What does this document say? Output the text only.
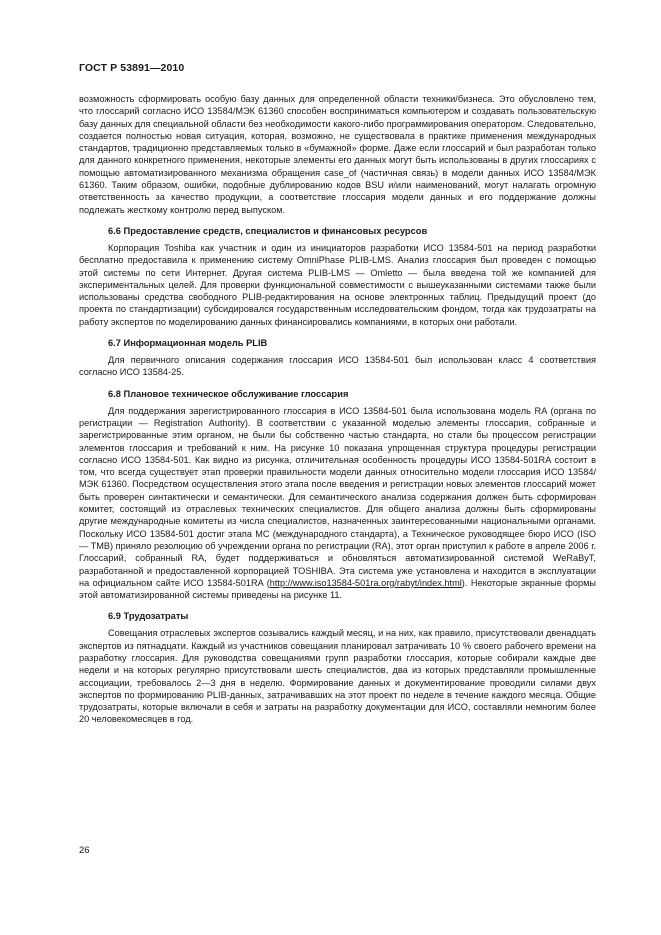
ГОСТ Р 53891—2010

возможность сформировать особую базу данных для определенной области техники/бизнеса. Это обусловлено тем, что глоссарий согласно ИСО 13584/МЭК 61360 способен восприниматься компьютером и создавать пользовательскую базу данных для специальной области без необходимости какого-либо программирования оператором. Следовательно, создается полностью новая ситуация, которая, возможно, не существовала в практике применения международных стандартов, традиционно представляемых только в «бумажной» форме. Даже если глоссарий и был разработан только для данного конкретного применения, некоторые элементы его данных могут быть использованы в других глоссариях с помощью автоматизированного механизма обращения case_of (частичная связь) в модели данных ИСО 13584/МЭК 61360. Таким образом, ошибки, подобные дублированию кодов BSU и/или наименований, могут налагать огромную ответственность за качество продукции, а соответствие глоссария модели данных и его поддержание должны подлежать жесткому контролю перед выпуском.

6.6 Предоставление средств, специалистов и финансовых ресурсов

Корпорация Toshiba как участник и один из инициаторов разработки ИСО 13584-501 на период разработки бесплатно предоставила к применению систему OmniPhase PLIB-LMS. Анализ глоссария был проведен с помощью этой системы по сети Интернет. Другая система PLIB-LMS — Omletto — была введена той же компанией для экспериментальных целей. Для проверки функциональной совместимости с вышеуказанными системами также были использованы средства свободного PLIB-редактирования на основе электронных таблиц. Предыдущий проект (до проекта по стандартизации) субсидировался государственным исследовательским фондом, тогда как трудозатраты на работу экспертов по моделированию данных финансировались компаниями, в которых они работали.

6.7 Информационная модель PLIB

Для первичного описания содержания глоссария ИСО 13584-501 был использован класс 4 соответствия согласно ИСО 13584-25.

6.8 Плановое техническое обслуживание глоссария

Для поддержания зарегистрированного глоссария в ИСО 13584-501 была использована модель RA (органа по регистрации — Registration Authority). В соответствии с указанной моделью элементы глоссария, собранные и зарегистрированные этим органом, не были бы собственно частью стандарта, но стали бы процессом регистрации элементов глоссария и требований к ним. На рисунке 10 показана упрощенная структура процедуры регистрации согласно ИСО 13584-501. Как видно из рисунка, отличительная особенность процедуры ИСО 13584-501RA состоит в том, что всегда существует этап проверки правильности модели данных относительно модели глоссария ИСО 13584/МЭК 61360. Посредством осуществления этого этапа после введения и регистрации новых элементов глоссарий может быть проверен синтактически и семантически. Для семантического анализа содержания должен быть сформирован комитет, состоящий из отраслевых технических специалистов. Для общего анализа должны быть сформированы другие международные комитеты из числа специалистов, назначенных заинтересованными национальными органами. Поскольку ИСО 13584-501 достиг этапа МС (международного стандарта), а Техническое руководящее бюро ИСО (ISO — TMB) приняло резолюцию об учреждении органа по регистрации (RA), этот орган приступил к работе в апреле 2006 г. Глоссарий, собранный RA, будет поддерживаться и обновляться автоматизированной системой WeRaByT, разработанной и предоставленной корпорацией TOSHIBA. Эта система уже установлена и находится в эксплуатации на официальном сайте ИСО 13584-501RA (http://www.iso13584-501ra.org/rabyt/index.html). Некоторые экранные формы этой автоматизированной системы приведены на рисунке 11.

6.9 Трудозатраты

Совещания отраслевых экспертов созывались каждый месяц, и на них, как правило, присутствовали двенадцать экспертов из пятнадцати. Каждый из участников совещания планировал затрачивать 10 % своего рабочего времени на разработку глоссария. Для руководства совещаниями групп разработки глоссария, которые собирали каждые две недели и на которых регулярно присутствовали шесть специалистов, два из которых представляли промышленные ассоциации, требовалось 2—3 дня в неделю. Формирование данных и документирование проводили силами двух экспертов по формированию PLIB-данных, затрачивавших на этот проект по неделе в течение каждого месяца. Общие трудозатраты, которые включали в себя и затраты на разработку документации для ИСО, составляли немногим более 20 человекомесяцев в год.

26
